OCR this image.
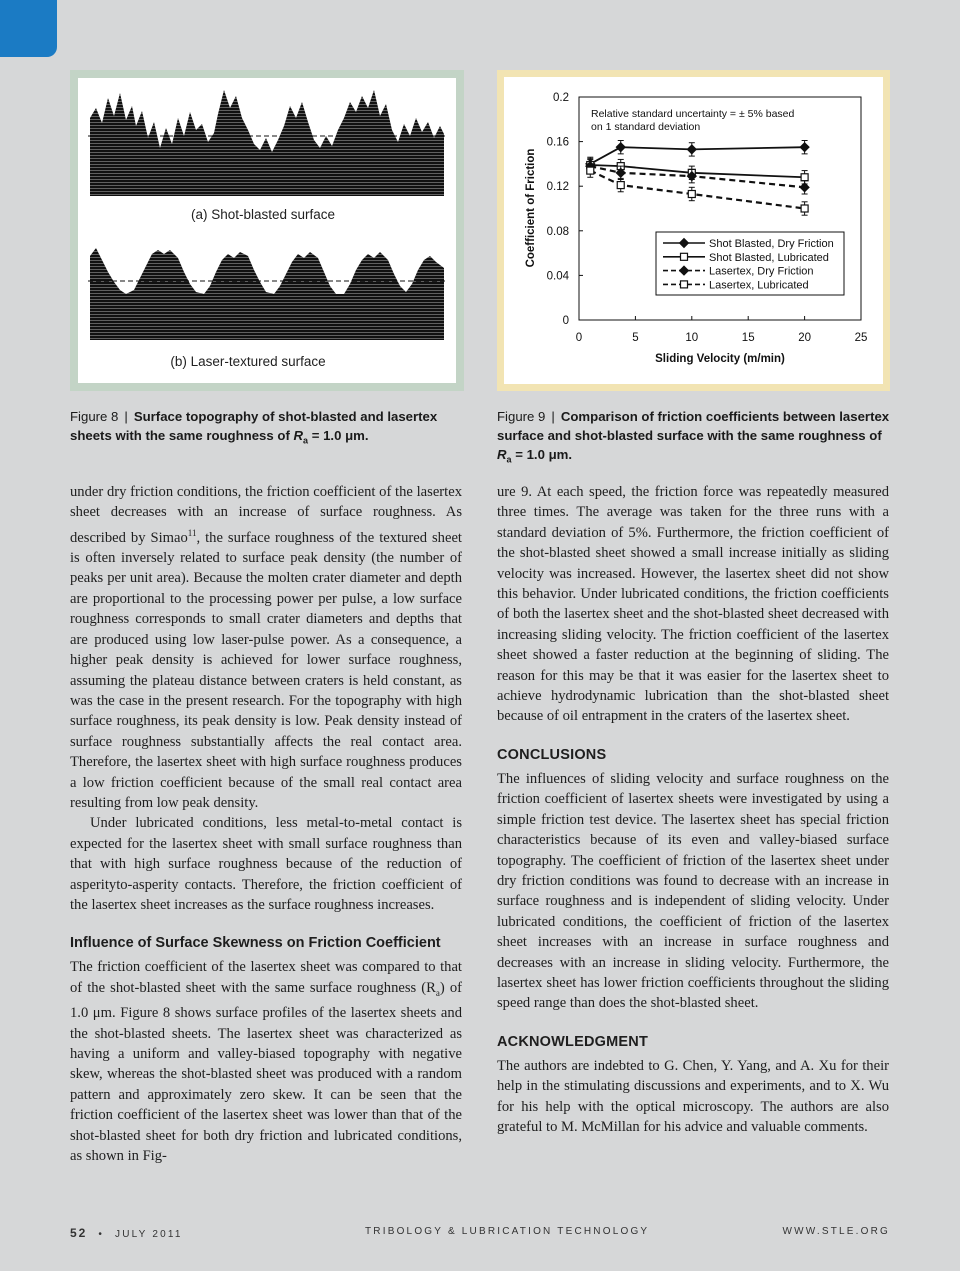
(a) Shot-blasted surface
(b) Laser-textured surface
0
0.04
0.08
0.12
0.16
0.2
0	5	10	15	20	25
Coefficient of Friction
Sliding Velocity (m/min)
Relative standard uncertainty = ± 5% based
on 1 standard deviation
Shot Blasted, Dry Friction
Shot Blasted, Lubricated
Lasertex, Dry Friction
Lasertex, Lubricated
Figure 8 | Surface topography of shot-blasted and lasertex sheets with the same roughness of $R_a = 1.0$ μm.
Figure 9 | Comparison of friction coefficients between lasertex surface and shot-blasted surface with the same roughness of $R_a = 1.0$ μm.

under dry friction conditions, the friction coefficient of the lasertex sheet decreases with an increase of surface roughness. As described by Simao$^{11}$, the surface roughness of the textured sheet is often inversely related to surface peak density (the number of peaks per unit area). Because the molten crater diameter and depth are proportional to the processing power per pulse, a low surface roughness corresponds to small crater diameters and depths that are produced using low laser-pulse power. As a consequence, a higher peak density is achieved for lower surface roughness, assuming the plateau distance between craters is held constant, as was the case in the present research. For the topography with high surface roughness, its peak density is low. Peak density instead of surface roughness substantially affects the real contact area. Therefore, the lasertex sheet with high surface roughness produces a low friction coefficient because of the small real contact area resulting from low peak density.

Under lubricated conditions, less metal-to-metal contact is expected for the lasertex sheet with small surface roughness than that with high surface roughness because of the reduction of asperityto-asperity contacts. Therefore, the friction coefficient of the lasertex sheet increases as the surface roughness increases.

Influence of Surface Skewness on Friction Coefficient

The friction coefficient of the lasertex sheet was compared to that of the shot-blasted sheet with the same surface roughness $(R_a)$ of 1.0 μm. Figure 8 shows surface profiles of the lasertex sheets and the shot-blasted sheets. The lasertex sheet was characterized as having a uniform and valley-biased topography with negative skew, whereas the shot-blasted sheet was produced with a random pattern and approximately zero skew. It can be seen that the friction coefficient of the lasertex sheet was lower than that of the shot-blasted sheet for both dry friction and lubricated conditions, as shown in Fig-

ure 9. At each speed, the friction force was repeatedly measured three times. The average was taken for the three runs with a standard deviation of 5%. Furthermore, the friction coefficient of the shot-blasted sheet showed a small increase initially as sliding velocity was increased. However, the lasertex sheet did not show this behavior. Under lubricated conditions, the friction coefficients of both the lasertex sheet and the shot-blasted sheet decreased with increasing sliding velocity. The friction coefficient of the lasertex sheet showed a faster reduction at the beginning of sliding. The reason for this may be that it was easier for the lasertex sheet to achieve hydrodynamic lubrication than the shot-blasted sheet because of oil entrapment in the craters of the lasertex sheet.

CONCLUSIONS

The influences of sliding velocity and surface roughness on the friction coefficient of lasertex sheets were investigated by using a simple friction test device. The lasertex sheet has special friction characteristics because of its even and valley-biased surface topography. The coefficient of friction of the lasertex sheet under dry friction conditions was found to decrease with an increase in surface roughness and is independent of sliding velocity. Under lubricated conditions, the coefficient of friction of the lasertex sheet increases with an increase in surface roughness and decreases with an increase in sliding velocity. Furthermore, the lasertex sheet has lower friction coefficients throughout the sliding speed range than does the shot-blasted sheet.

ACKNOWLEDGMENT

The authors are indebted to G. Chen, Y. Yang, and A. Xu for their help in the stimulating discussions and experiments, and to X. Wu for his help with the optical microscopy. The authors are also grateful to M. McMillan for his advice and valuable comments.

52 • JULY 2011	TRIBOLOGY & LUBRICATION TECHNOLOGY	WWW.STLE.ORG
